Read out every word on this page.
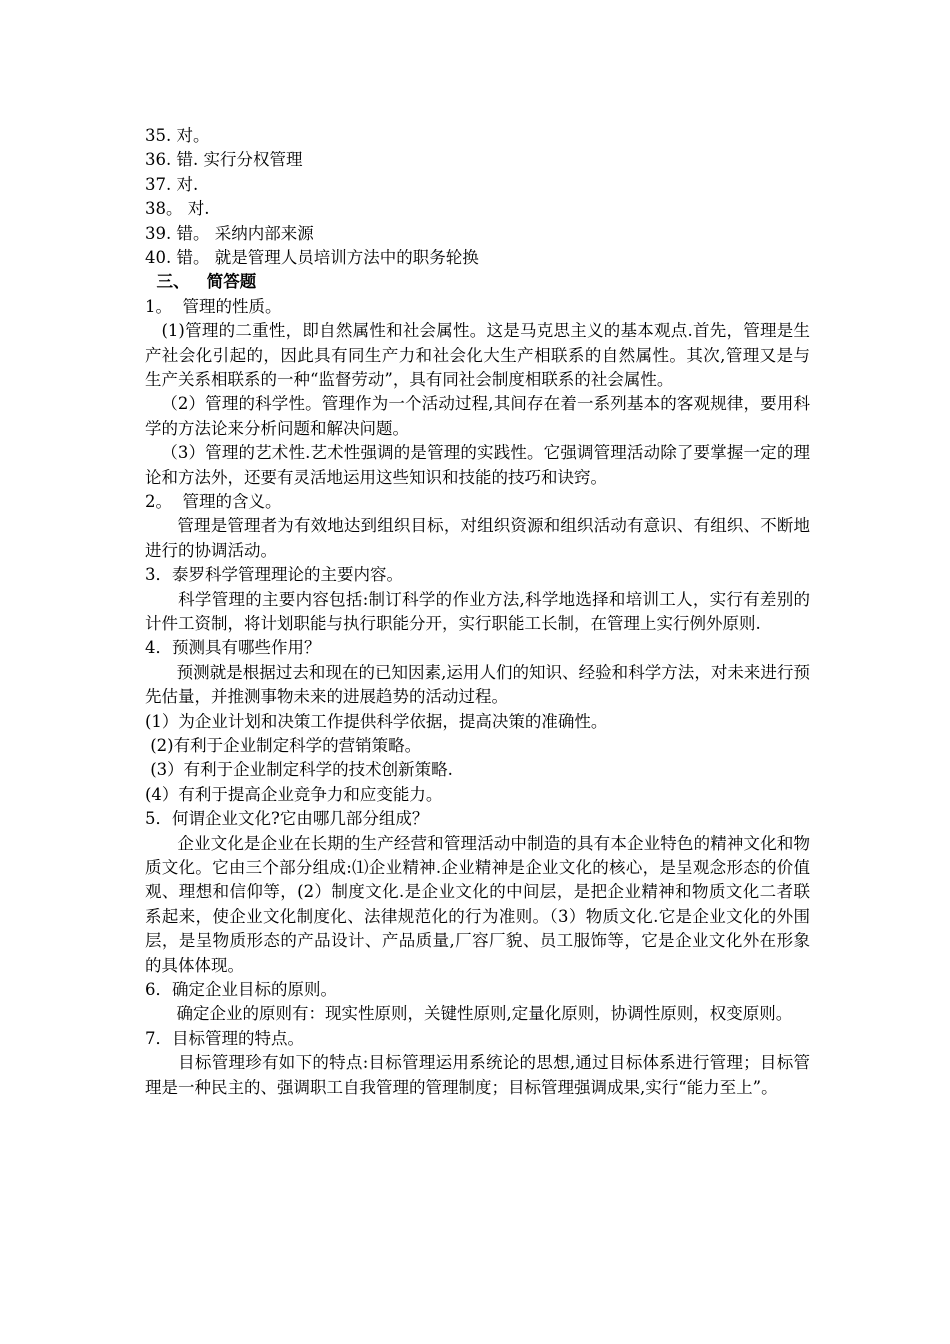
35. 对。
36. 错. 实行分权管理
37. 对.
38。 对.
39. 错。 采纳内部来源
40. 错。 就是管理人员培训方法中的职务轮换
三、   简答题
1。  管理的性质。
(1)管理的二重性，即自然属性和社会属性。这是马克思主义的基本观点.首先，管理是生产社会化引起的，因此具有同生产力和社会化大生产相联系的自然属性。其次,管理又是与生产关系相联系的一种“监督劳动”，具有同社会制度相联系的社会属性。
（2）管理的科学性。管理作为一个活动过程,其间存在着一系列基本的客观规律，要用科学的方法论来分析问题和解决问题。
（3）管理的艺术性.艺术性强调的是管理的实践性。它强调管理活动除了要掌握一定的理论和方法外，还要有灵活地运用这些知识和技能的技巧和诀窍。
2。  管理的含义。
管理是管理者为有效地达到组织目标，对组织资源和组织活动有意识、有组织、不断地进行的协调活动。
3．泰罗科学管理理论的主要内容。
科学管理的主要内容包括:制订科学的作业方法,科学地选择和培训工人，实行有差别的计件工资制，将计划职能与执行职能分开，实行职能工长制，在管理上实行例外原则.
4．预测具有哪些作用？
预测就是根据过去和现在的已知因素,运用人们的知识、经验和科学方法，对未来进行预先估量，并推测事物未来的进展趋势的活动过程。
(1）为企业计划和决策工作提供科学依据，提高决策的准确性。
(2)有利于企业制定科学的营销策略。
(3）有利于企业制定科学的技术创新策略.
(4）有利于提高企业竞争力和应变能力。
5．何谓企业文化?它由哪几部分组成？
企业文化是企业在长期的生产经营和管理活动中制造的具有本企业特色的精神文化和物质文化。它由三个部分组成:⑴企业精神.企业精神是企业文化的核心，是呈观念形态的价值观、理想和信仰等，(2）制度文化.是企业文化的中间层，是把企业精神和物质文化二者联系起来，使企业文化制度化、法律规范化的行为准则。（3）物质文化.它是企业文化的外围层，是呈物质形态的产品设计、产品质量,厂容厂貌、员工服饰等，它是企业文化外在形象的具体体现。
6．确定企业目标的原则。
确定企业的原则有：现实性原则，关键性原则,定量化原则，协调性原则，权变原则。
7．目标管理的特点。
目标管理珍有如下的特点:目标管理运用系统论的思想,通过目标体系进行管理；目标管理是一种民主的、强调职工自我管理的管理制度；目标管理强调成果,实行“能力至上”。
